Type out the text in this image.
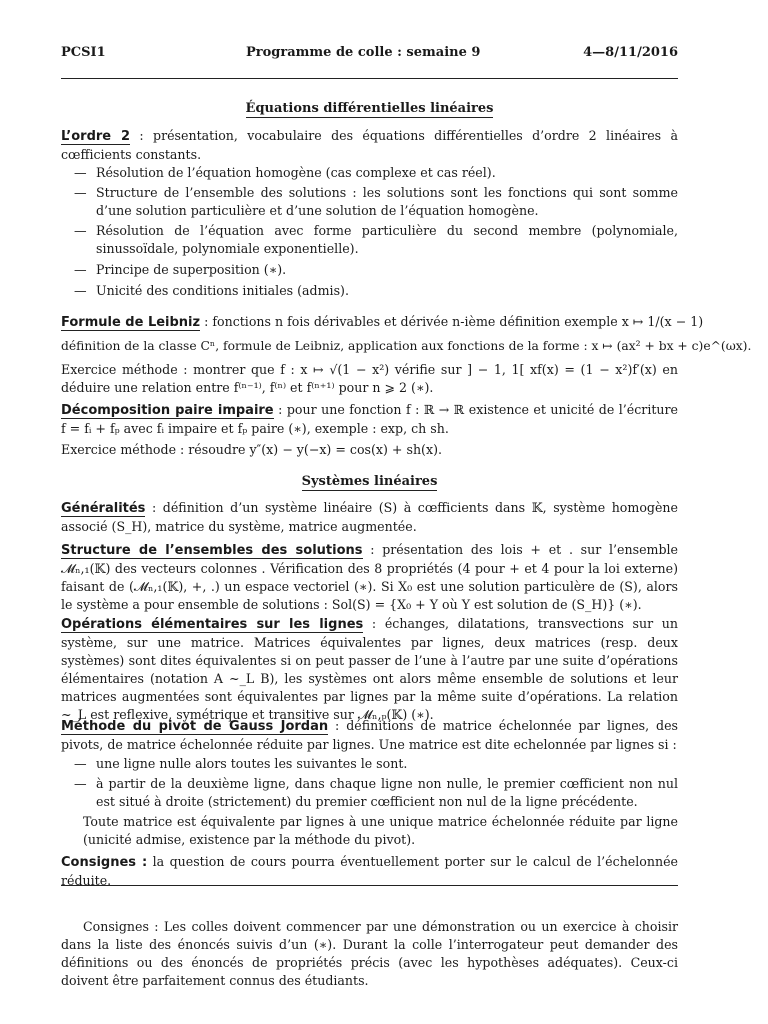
PCSI1	Programme de colle : semaine 9	4—8/11/2016
Équations différentielles linéaires
L’ordre 2 : présentation, vocabulaire des équations différentielles d’ordre 2 linéaires à cœfficients constants.
— Résolution de l’équation homogène (cas complexe et cas réel).
— Structure de l’ensemble des solutions : les solutions sont les fonctions qui sont somme d’une solution particulière et d’une solution de l’équation homogène.
— Résolution de l’équation avec forme particulière du second membre (polynomiale, sinussoïdale, polynomiale exponentielle).
— Principe de superposition (∗).
— Unicité des conditions initiales (admis).
Formule de Leibniz : fonctions n fois dérivables et dérivée n-ième définition exemple x ↦ 1/(x − 1)
définition de la classe Cⁿ, formule de Leibniz, application aux fonctions de la forme : x ↦ (ax² + bx + c)e^(ωx).
Exercice méthode : montrer que f : x ↦ √(1 − x²) vérifie sur ] − 1, 1[ xf(x) = (1 − x²)f′(x) en déduire une relation entre f⁽ⁿ⁻¹⁾, f⁽ⁿ⁾ et f⁽ⁿ⁺¹⁾ pour n ⩾ 2 (∗).
Décomposition paire impaire : pour une fonction f : ℝ → ℝ existence et unicité de l’écriture f = fᵢ + fₚ avec fᵢ impaire et fₚ paire (∗), exemple : exp, ch sh.
Exercice méthode : résoudre y″(x) − y(−x) = cos(x) + sh(x).
Systèmes linéaires
Généralités : définition d’un système linéaire (S) à cœfficients dans 𝕂, système homogène associé (S_H), matrice du système, matrice augmentée.
Structure de l’ensembles des solutions : présentation des lois + et . sur l’ensemble 𝓜ₙ,₁(𝕂) des vecteurs colonnes . Vérification des 8 propriétés (4 pour + et 4 pour la loi externe) faisant de (𝓜ₙ,₁(𝕂), +, .) un espace vectoriel (∗). Si X₀ est une solution particulère de (S), alors le système a pour ensemble de solutions : Sol(S) = {X₀ + Y où Y est solution de (S_H)} (∗).
Opérations élémentaires sur les lignes : échanges, dilatations, transvections sur un système, sur une matrice. Matrices équivalentes par lignes, deux matrices (resp. deux systèmes) sont dites équivalentes si on peut passer de l’une à l’autre par une suite d’opérations élémentaires (notation A ~_L B), les systèmes ont alors même ensemble de solutions et leur matrices augmentées sont équivalentes par lignes par la même suite d’opérations. La relation ~_L est reflexive, symétrique et transitive sur 𝓜ₙ,ₚ(𝕂) (∗).
Méthode du pivot de Gauss Jordan : définitions de matrice échelonnée par lignes, des pivots, de matrice échelonnée réduite par lignes. Une matrice est dite echelonnée par lignes si :
— une ligne nulle alors toutes les suivantes le sont.
— à partir de la deuxième ligne, dans chaque ligne non nulle, le premier cœfficient non nul est situé à droite (strictement) du premier cœfficient non nul de la ligne précédente.
Toute matrice est équivalente par lignes à une unique matrice échelonnée réduite par ligne (unicité admise, existence par la méthode du pivot).
Consignes : la question de cours pourra éventuellement porter sur le calcul de l’échelonnée réduite.
Consignes : Les colles doivent commencer par une démonstration ou un exercice à choisir dans la liste des énoncés suivis d’un (∗). Durant la colle l’interrogateur peut demander des définitions ou des énoncés de propriétés précis (avec les hypothèses adéquates). Ceux-ci doivent être parfaitement connus des étudiants.
